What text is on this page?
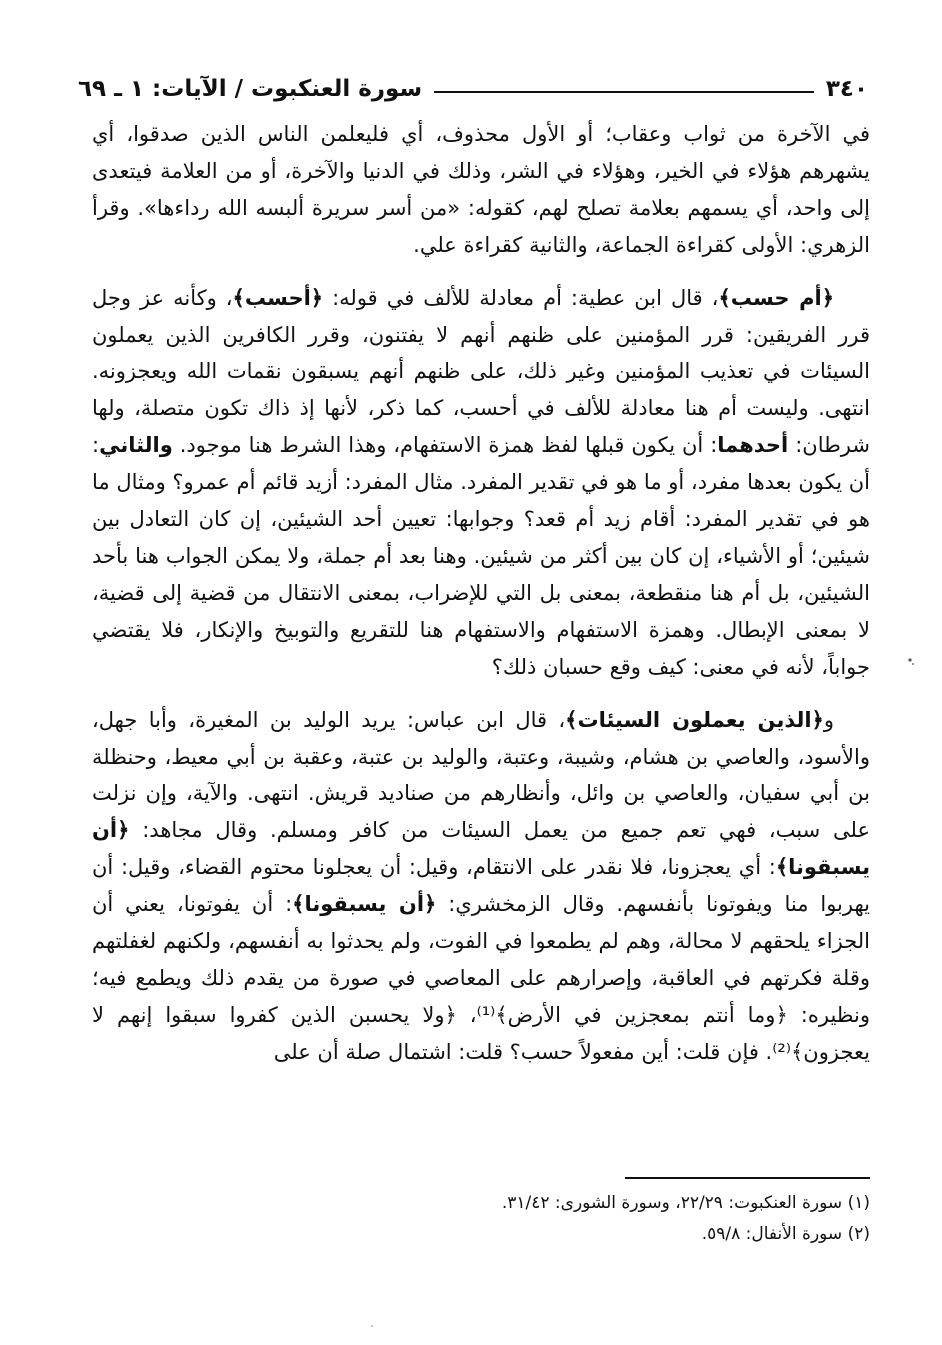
٣٤٠
سورة العنكبوت / الآيات: ١ ـ ٦٩

في الآخرة من ثواب وعقاب؛ أو الأول محذوف، أي فليعلمن الناس الذين صدقوا، أي يشهرهم هؤلاء في الخير، وهؤلاء في الشر، وذلك في الدنيا والآخرة، أو من العلامة فيتعدى إلى واحد، أي يسمهم بعلامة تصلح لهم، كقوله: «من أسر سريرة ألبسه الله رداءها». وقرأ الزهري: الأولى كقراءة الجماعة، والثانية كقراءة علي.

﴿أم حسب﴾، قال ابن عطية: أم معادلة للألف في قوله: ﴿أحسب﴾، وكأنه عز وجل قرر الفريقين: قرر المؤمنين على ظنهم أنهم لا يفتنون، وقرر الكافرين الذين يعملون السيئات في تعذيب المؤمنين وغير ذلك، على ظنهم أنهم يسبقون نقمات الله ويعجزونه. انتهى. وليست أم هنا معادلة للألف في أحسب، كما ذكر، لأنها إذ ذاك تكون متصلة، ولها شرطان: أحدهما: أن يكون قبلها لفظ همزة الاستفهام، وهذا الشرط هنا موجود. والثاني: أن يكون بعدها مفرد، أو ما هو في تقدير المفرد. مثال المفرد: أزيد قائم أم عمرو؟ ومثال ما هو في تقدير المفرد: أقام زيد أم قعد؟ وجوابها: تعيين أحد الشيئين، إن كان التعادل بين شيئين؛ أو الأشياء، إن كان بين أكثر من شيئين. وهنا بعد أم جملة، ولا يمكن الجواب هنا بأحد الشيئين، بل أم هنا منقطعة، بمعنى بل التي للإضراب، بمعنى الانتقال من قضية إلى قضية، لا بمعنى الإبطال. وهمزة الاستفهام والاستفهام هنا للتقريع والتوبيخ والإنكار، فلا يقتضي جواباً، لأنه في معنى: كيف وقع حسبان ذلك؟

و﴿الذين يعملون السيئات﴾، قال ابن عباس: يريد الوليد بن المغيرة، وأبا جهل، والأسود، والعاصي بن هشام، وشيبة، وعتبة، والوليد بن عتبة، وعقبة بن أبي معيط، وحنظلة بن أبي سفيان، والعاصي بن وائل، وأنظارهم من صناديد قريش. انتهى. والآية، وإن نزلت على سبب، فهي تعم جميع من يعمل السيئات من كافر ومسلم. وقال مجاهد: ﴿أن يسبقونا﴾: أي يعجزونا، فلا نقدر على الانتقام، وقيل: أن يعجلونا محتوم القضاء، وقيل: أن يهربوا منا ويفوتونا بأنفسهم. وقال الزمخشري: ﴿أن يسبقونا﴾: أن يفوتونا، يعني أن الجزاء يلحقهم لا محالة، وهم لم يطمعوا في الفوت، ولم يحدثوا به أنفسهم، ولكنهم لغفلتهم وقلة فكرتهم في العاقبة، وإصرارهم على المعاصي في صورة من يقدم ذلك ويطمع فيه؛ ونظيره: ﴿وما أنتم بمعجزين في الأرض﴾⁽¹⁾، ﴿ولا يحسبن الذين كفروا سبقوا إنهم لا يعجزون﴾⁽²⁾. فإن قلت: أين مفعولاً حسب؟ قلت: اشتمال صلة أن على

(١) سورة العنكبوت: ٢٢/٢٩، وسورة الشورى: ٣١/٤٢.

(٢) سورة الأنفال: ٥٩/٨.
